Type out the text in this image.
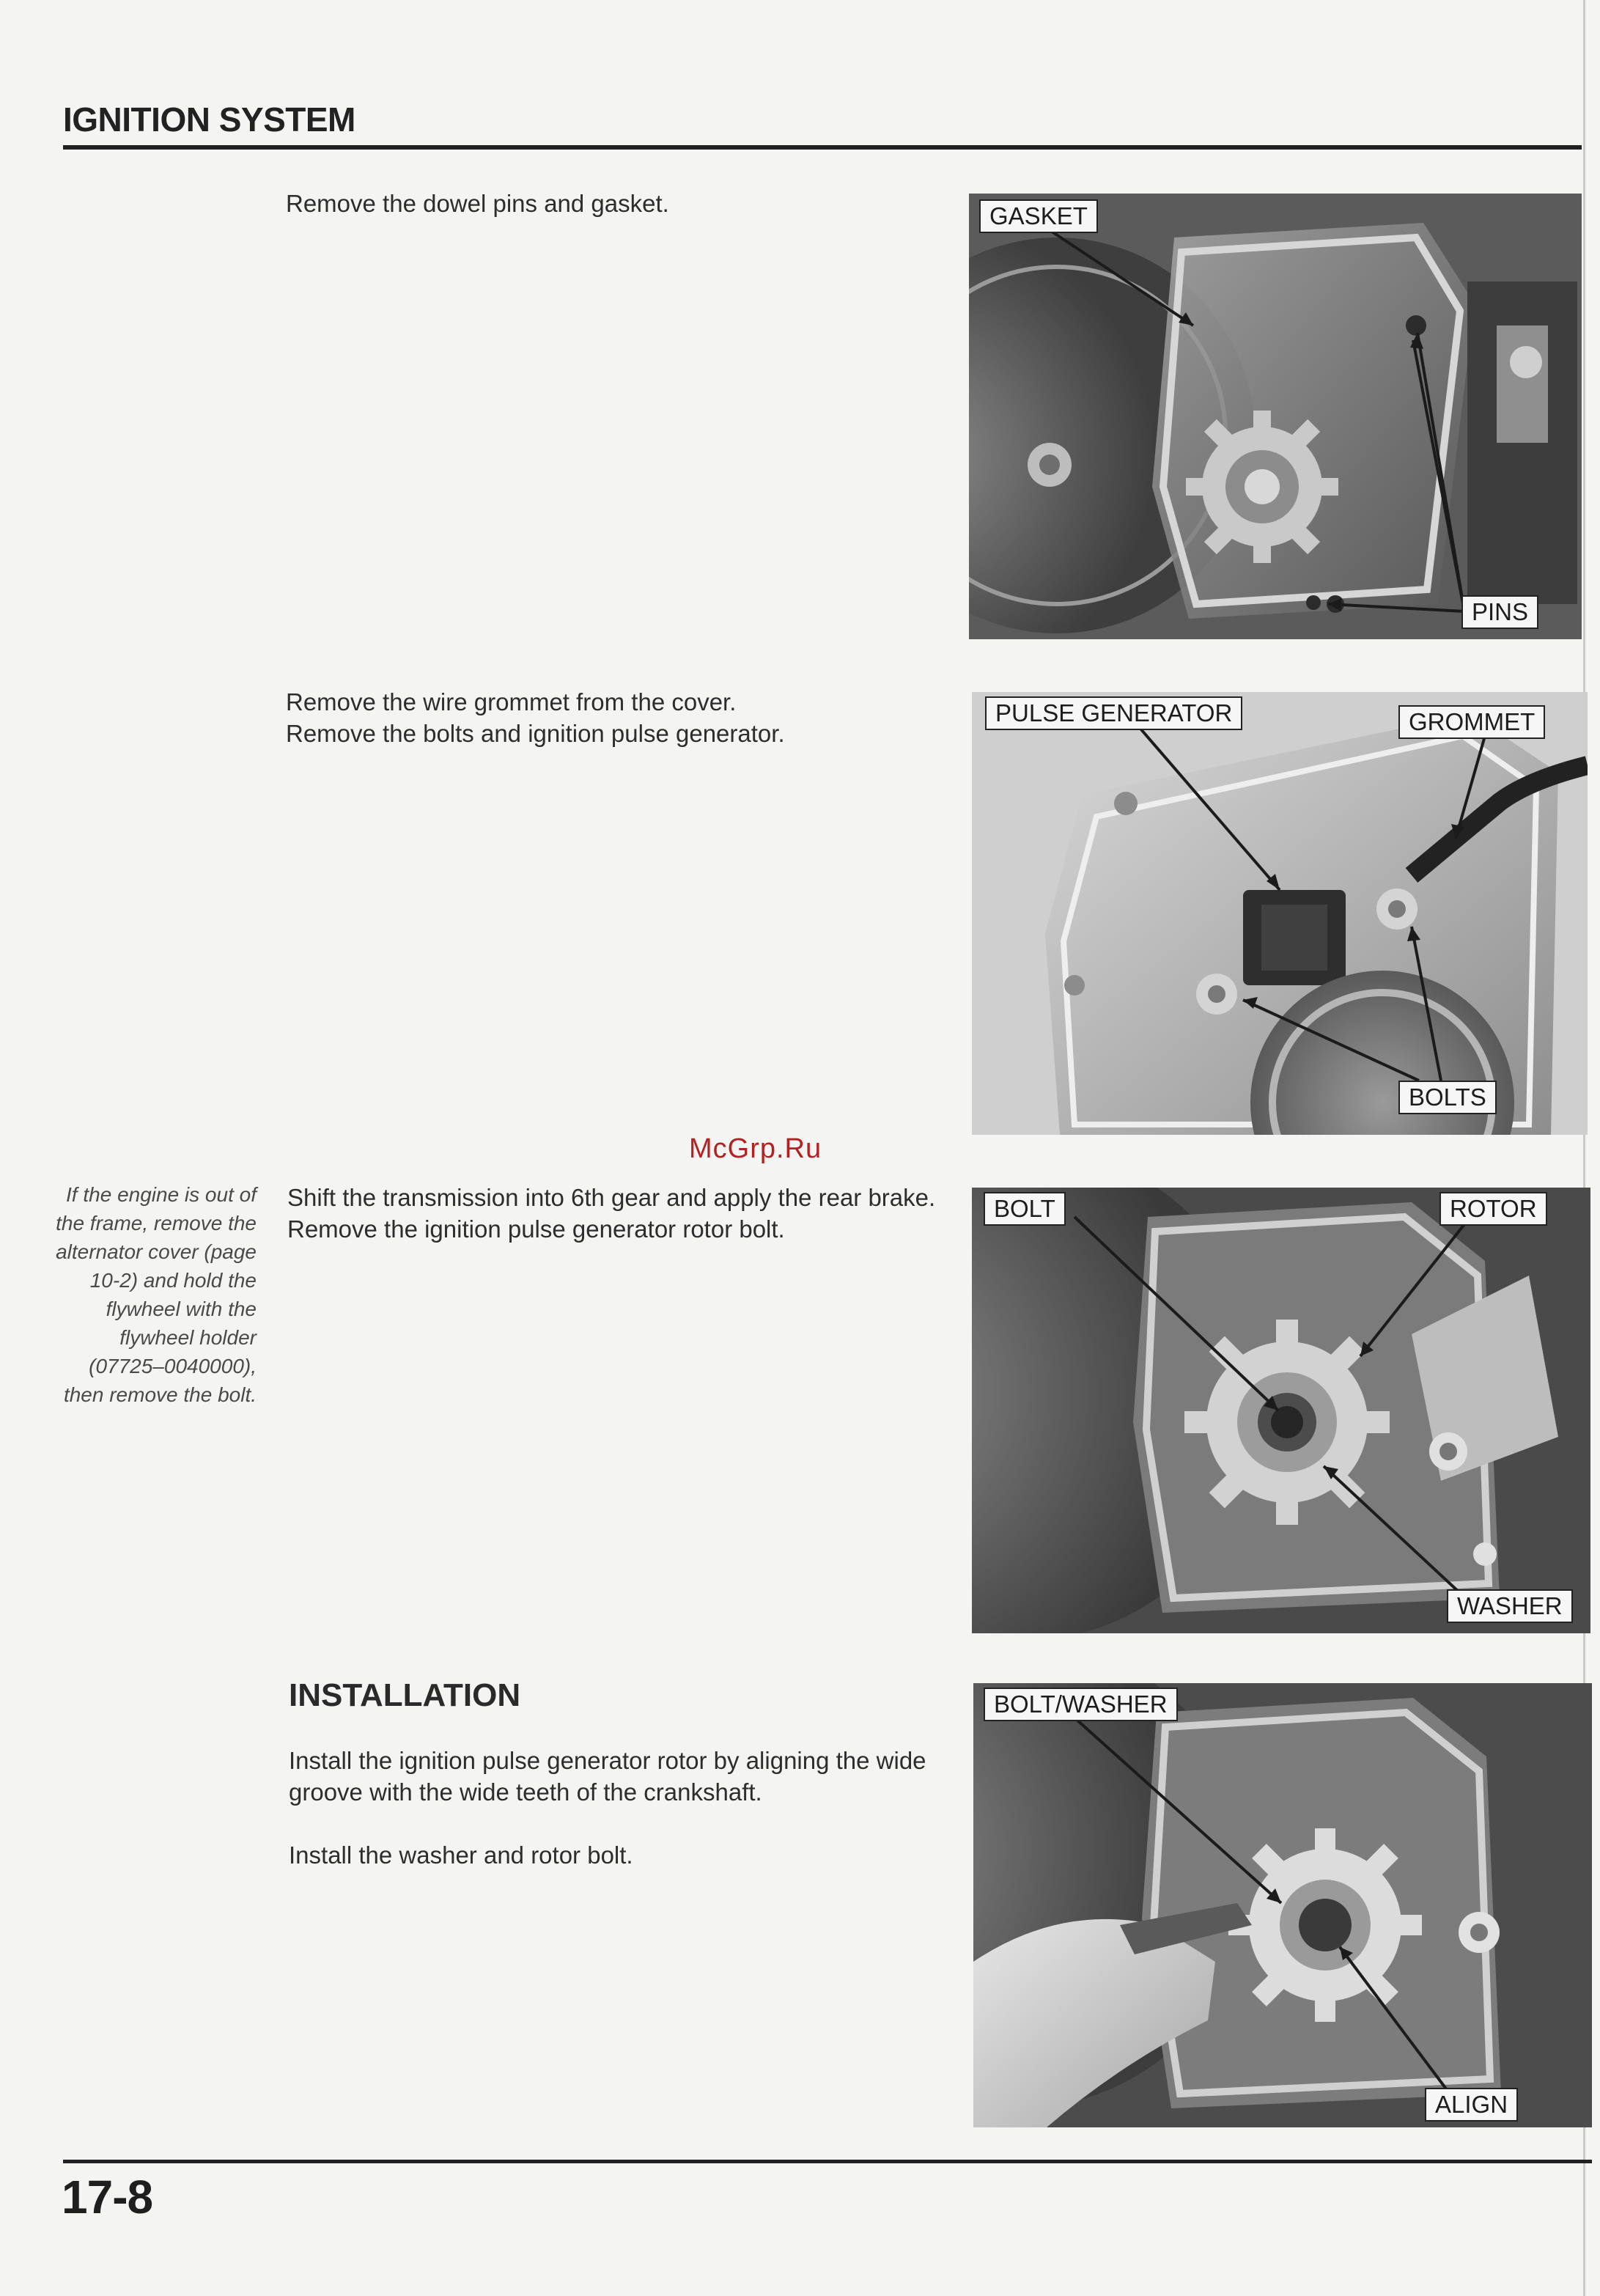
IGNITION SYSTEM

Remove the dowel pins and gasket.	GASKET
PINS

Remove the wire grommet from the cover.

Remove the bolts and ignition pulse generator.

PULSE GENERATOR	GROMMET
BOLTS
McGrp.Ru
If the engine is out of the frame, remove the alternator cover (page 10-2) and hold the flywheel with the flywheel holder (07725–0040000), then remove the bolt.

Shift the transmission into 6th gear and apply the rear brake.

Remove the ignition pulse generator rotor bolt.

BOLT	ROTOR
WASHER
INSTALLATION

Install the ignition pulse generator rotor by aligning the wide groove with the wide teeth of the crankshaft.

Install the washer and rotor bolt.

BOLT/WASHER
ALIGN
17-8
